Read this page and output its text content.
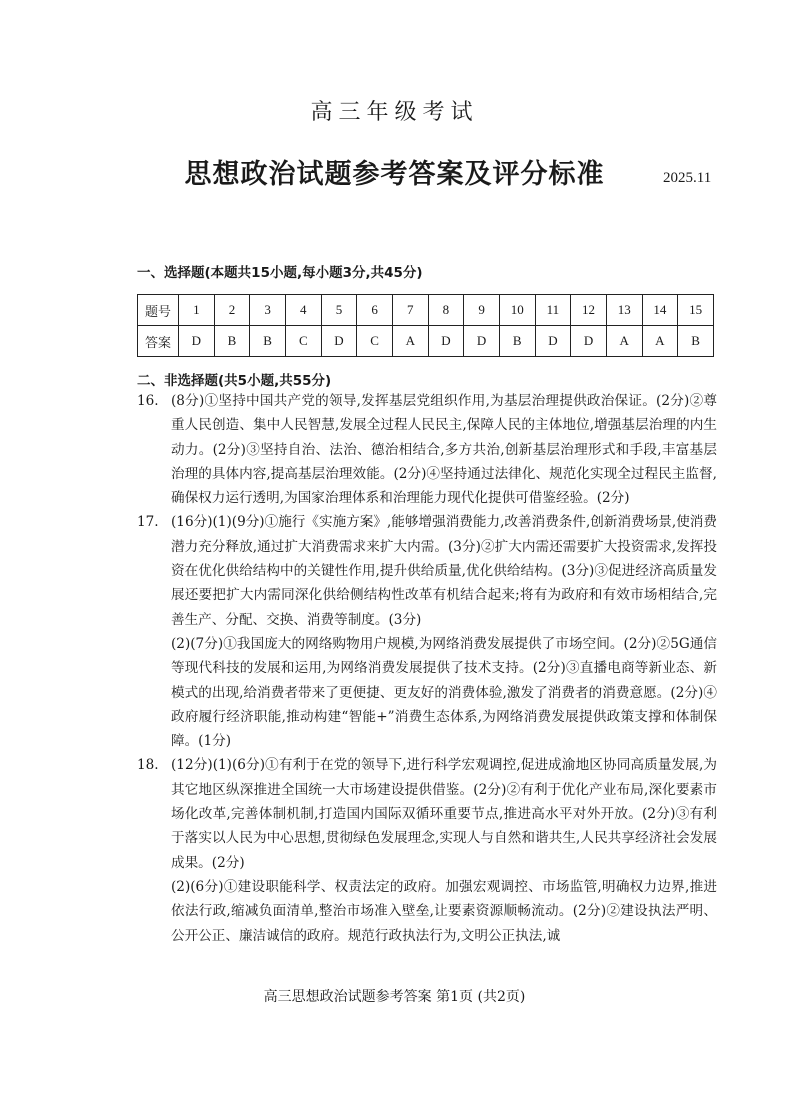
高三年级考试
思想政治试题参考答案及评分标准	2025.11
一、选择题(本题共15小题,每小题3分,共45分)
题号	1	2	3	4	5	6	7	8	9	10	11	12	13	14	15
答案	D	B	B	C	D	C	A	D	D	B	D	D	A	A	B
二、非选择题(共5小题,共55分)
16. (8分)①坚持中国共产党的领导,发挥基层党组织作用,为基层治理提供政治保证。(2分)②尊重人民创造、集中人民智慧,发展全过程人民民主,保障人民的主体地位,增强基层治理的内生动力。(2分)③坚持自治、法治、德治相结合,多方共治,创新基层治理形式和手段,丰富基层治理的具体内容,提高基层治理效能。(2分)④坚持通过法律化、规范化实现全过程民主监督,确保权力运行透明,为国家治理体系和治理能力现代化提供可借鉴经验。(2分)
17. (16分)(1)(9分)①施行《实施方案》,能够增强消费能力,改善消费条件,创新消费场景,使消费潜力充分释放,通过扩大消费需求来扩大内需。(3分)②扩大内需还需要扩大投资需求,发挥投资在优化供给结构中的关键性作用,提升供给质量,优化供给结构。(3分)③促进经济高质量发展还要把扩大内需同深化供给侧结构性改革有机结合起来;将有为政府和有效市场相结合,完善生产、分配、交换、消费等制度。(3分)
(2)(7分)①我国庞大的网络购物用户规模,为网络消费发展提供了市场空间。(2分)②5G通信等现代科技的发展和运用,为网络消费发展提供了技术支持。(2分)③直播电商等新业态、新模式的出现,给消费者带来了更便捷、更友好的消费体验,激发了消费者的消费意愿。(2分)④政府履行经济职能,推动构建“智能+”消费生态体系,为网络消费发展提供政策支撑和体制保障。(1分)
18. (12分)(1)(6分)①有利于在党的领导下,进行科学宏观调控,促进成渝地区协同高质量发展,为其它地区纵深推进全国统一大市场建设提供借鉴。(2分)②有利于优化产业布局,深化要素市场化改革,完善体制机制,打造国内国际双循环重要节点,推进高水平对外开放。(2分)③有利于落实以人民为中心思想,贯彻绿色发展理念,实现人与自然和谐共生,人民共享经济社会发展成果。(2分)
(2)(6分)①建设职能科学、权责法定的政府。加强宏观调控、市场监管,明确权力边界,推进依法行政,缩减负面清单,整治市场准入壁垒,让要素资源顺畅流动。(2分)②建设执法严明、公开公正、廉洁诚信的政府。规范行政执法行为,文明公正执法,诚
高三思想政治试题参考答案 第1页 (共2页)
